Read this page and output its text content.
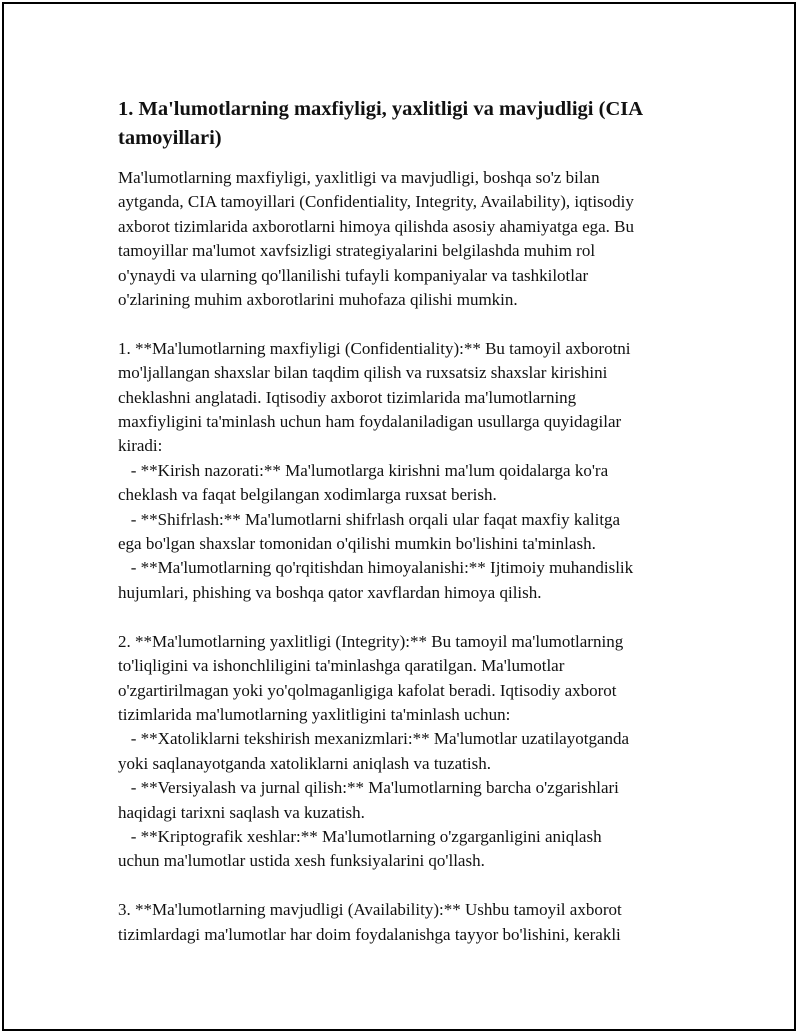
1. Ma'lumotlarning maxfiyligi, yaxlitligi va mavjudligi (CIA
tamoyillari)
Ma'lumotlarning maxfiyligi, yaxlitligi va mavjudligi, boshqa so'z bilan
aytganda, CIA tamoyillari (Confidentiality, Integrity, Availability), iqtisodiy
axborot tizimlarida axborotlarni himoya qilishda asosiy ahamiyatga ega. Bu
tamoyillar ma'lumot xavfsizligi strategiyalarini belgilashda muhim rol
o'ynaydi va ularning qo'llanilishi tufayli kompaniyalar va tashkilotlar
o'zlarining muhim axborotlarini muhofaza qilishi mumkin.
1. **Ma'lumotlarning maxfiyligi (Confidentiality):** Bu tamoyil axborotni
mo'ljallangan shaxslar bilan taqdim qilish va ruxsatsiz shaxslar kirishini
cheklashni anglatadi. Iqtisodiy axborot tizimlarida ma'lumotlarning
maxfiyligini ta'minlash uchun ham foydalaniladigan usullarga quyidagilar
kiradi:
- **Kirish nazorati:** Ma'lumotlarga kirishni ma'lum qoidalarga ko'ra
cheklash va faqat belgilangan xodimlarga ruxsat berish.
- **Shifrlash:** Ma'lumotlarni shifrlash orqali ular faqat maxfiy kalitga
ega bo'lgan shaxslar tomonidan o'qilishi mumkin bo'lishini ta'minlash.
- **Ma'lumotlarning qo'rqitishdan himoyalanishi:** Ijtimoiy muhandislik
hujumlari, phishing va boshqa qator xavflardan himoya qilish.
2. **Ma'lumotlarning yaxlitligi (Integrity):** Bu tamoyil ma'lumotlarning
to'liqligini va ishonchliligini ta'minlashga qaratilgan. Ma'lumotlar
o'zgartirilmagan yoki yo'qolmaganligiga kafolat beradi. Iqtisodiy axborot
tizimlarida ma'lumotlarning yaxlitligini ta'minlash uchun:
- **Xatoliklarni tekshirish mexanizmlari:** Ma'lumotlar uzatilayotganda
yoki saqlanayotganda xatoliklarni aniqlash va tuzatish.
- **Versiyalash va jurnal qilish:** Ma'lumotlarning barcha o'zgarishlari
haqidagi tarixni saqlash va kuzatish.
- **Kriptografik xeshlar:** Ma'lumotlarning o'zgarganligini aniqlash
uchun ma'lumotlar ustida xesh funksiyalarini qo'llash.
3. **Ma'lumotlarning mavjudligi (Availability):** Ushbu tamoyil axborot
tizimlardagi ma'lumotlar har doim foydalanishga tayyor bo'lishini, kerakli
